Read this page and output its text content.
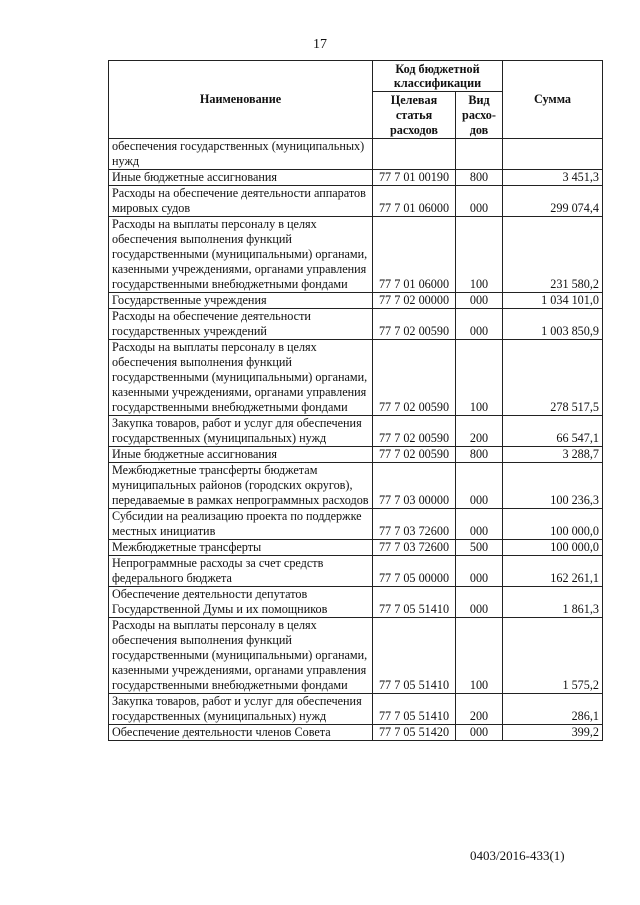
17
Наименование	Код бюджетной классификации		Сумма
	Целевая статья расходов	Вид расхо- дов	
обеспечения государственных (муниципальных) нужд			
Иные бюджетные ассигнования	77 7 01 00190	800	3 451,3
Расходы на обеспечение деятельности аппаратов мировых судов	77 7 01 06000	000	299 074,4
Расходы на выплаты персоналу в целях обеспечения выполнения функций государственными (муниципальными) органами, казенными учреждениями, органами управления государственными внебюджетными фондами	77 7 01 06000	100	231 580,2
Государственные учреждения	77 7 02 00000	000	1 034 101,0
Расходы на обеспечение деятельности государственных учреждений	77 7 02 00590	000	1 003 850,9
Расходы на выплаты персоналу в целях обеспечения выполнения функций государственными (муниципальными) органами, казенными учреждениями, органами управления государственными внебюджетными фондами	77 7 02 00590	100	278 517,5
Закупка товаров, работ и услуг для обеспечения государственных (муниципальных) нужд	77 7 02 00590	200	66 547,1
Иные бюджетные ассигнования	77 7 02 00590	800	3 288,7
Межбюджетные трансферты бюджетам муниципальных районов (городских округов), передаваемые в рамках непрограммных расходов	77 7 03 00000	000	100 236,3
Субсидии на реализацию проекта по поддержке местных инициатив	77 7 03 72600	000	100 000,0
Межбюджетные трансферты	77 7 03 72600	500	100 000,0
Непрограммные расходы за счет средств федерального бюджета	77 7 05 00000	000	162 261,1
Обеспечение деятельности депутатов Государственной Думы и их помощников	77 7 05 51410	000	1 861,3
Расходы на выплаты персоналу в целях обеспечения выполнения функций государственными (муниципальными) органами, казенными учреждениями, органами управления государственными внебюджетными фондами	77 7 05 51410	100	1 575,2
Закупка товаров, работ и услуг для обеспечения государственных (муниципальных) нужд	77 7 05 51410	200	286,1
Обеспечение деятельности членов Совета	77 7 05 51420	000	399,2
0403/2016-433(1)
